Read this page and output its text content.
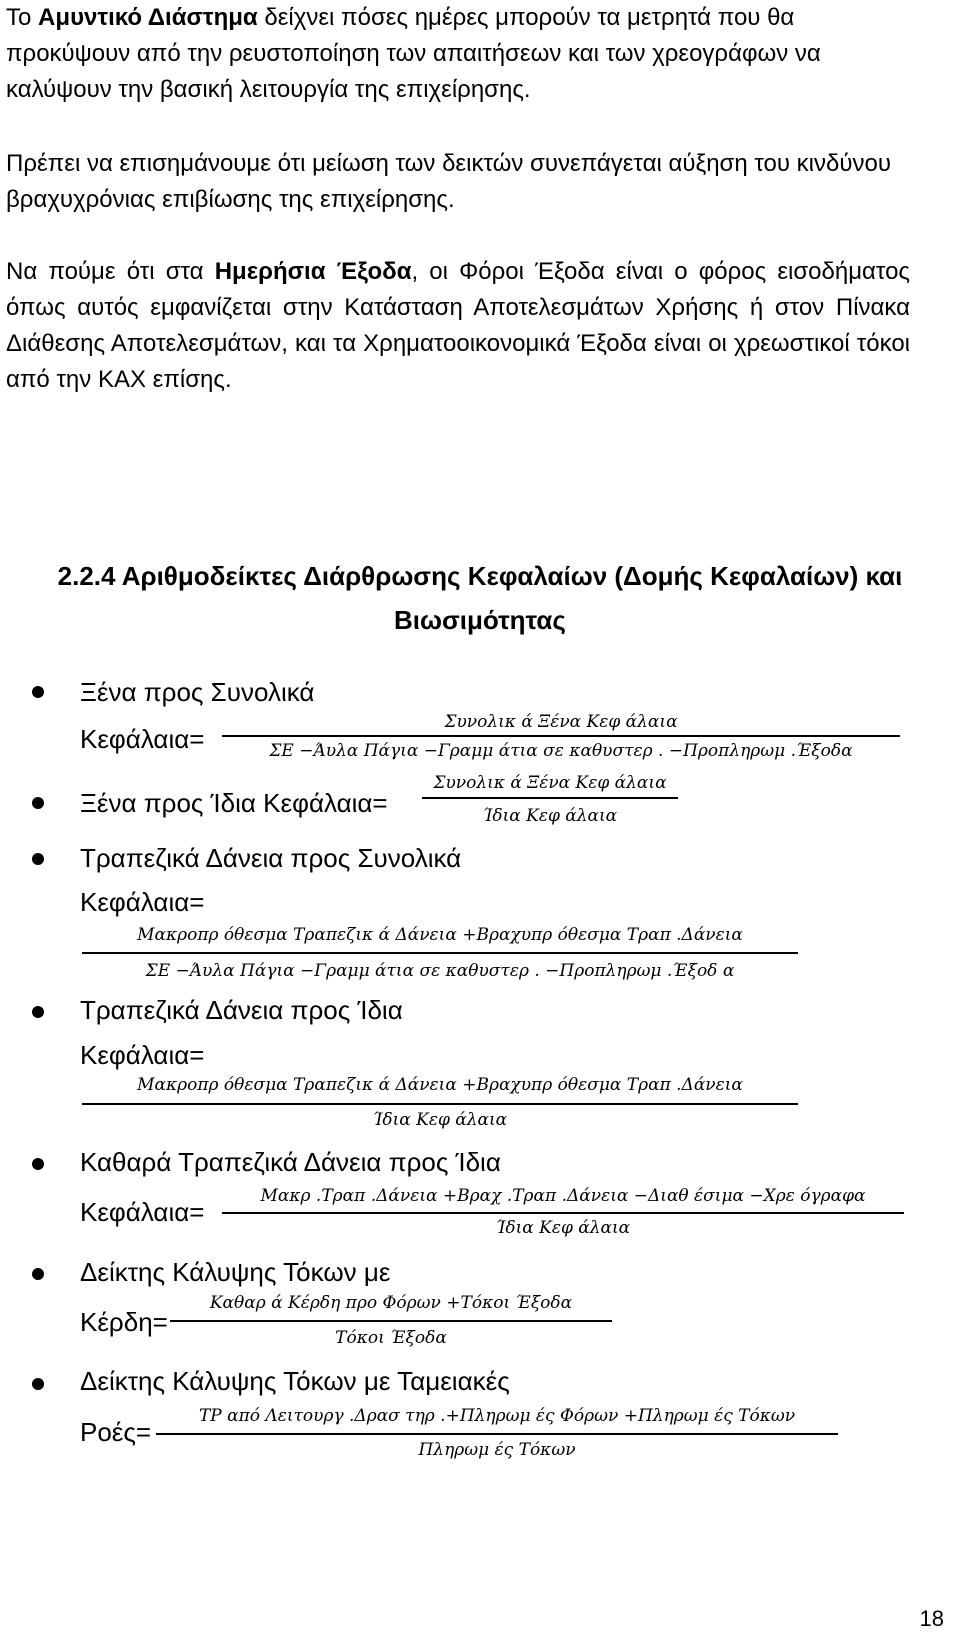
Το Αμυντικό Διάστημα δείχνει πόσες ημέρες μπορούν τα μετρητά που θα προκύψουν από την ρευστοποίηση των απαιτήσεων και των χρεογράφων να καλύψουν την βασική λειτουργία της επιχείρησης.

Πρέπει να επισημάνουμε ότι μείωση των δεικτών συνεπάγεται αύξηση του κινδύνου βραχυχρόνιας επιβίωσης της επιχείρησης.

Να πούμε ότι στα Ημερήσια Έξοδα, οι Φόροι Έξοδα είναι ο φόρος εισοδήματος όπως αυτός εμφανίζεται στην Κατάσταση Αποτελεσμάτων Χρήσης ή στον Πίνακα Διάθεσης Αποτελεσμάτων, και τα Χρηματοοικονομικά Έξοδα είναι οι χρεωστικοί τόκοι από την ΚΑΧ επίσης.

2.2.4 Αριθμοδείκτες Διάρθρωσης Κεφαλαίων (Δομής Κεφαλαίων) και

Βιωσιμότητας

Ξένα προς Συνολικά
Κεφάλαια=
Συνολικ ά Ξένα Κεφ άλαια
ΣΕ −Άυλα Πάγια −Γραμμ άτια σε καθυστερ . −Προπληρωμ .Έξοδα
Ξένα προς Ίδια Κεφάλαια=
Συνολικ ά Ξένα Κεφ άλαια
Ίδια Κεφ άλαια
Τραπεζικά Δάνεια προς Συνολικά
Κεφάλαια=
Μακροπρ όθεσμα Τραπεζικ ά Δάνεια +Βραχυπρ όθεσμα Τραπ .Δάνεια
ΣΕ −Άυλα Πάγια −Γραμμ άτια σε καθυστερ . −Προπληρωμ .Έξοδ α
Τραπεζικά Δάνεια προς Ίδια
Κεφάλαια=
Μακροπρ όθεσμα Τραπεζικ ά Δάνεια +Βραχυπρ όθεσμα Τραπ .Δάνεια
Ίδια Κεφ άλαια
Καθαρά Τραπεζικά Δάνεια προς Ίδια
Κεφάλαια=
Μακρ .Τραπ .Δάνεια +Βραχ .Τραπ .Δάνεια −Διαθ έσιμα −Χρε όγραφα
Ίδια Κεφ άλαια
Δείκτης Κάλυψης Τόκων με
Κέρδη=
Καθαρ ά Κέρδη προ Φόρων +Τόκοι Έξοδα
Τόκοι Έξοδα
Δείκτης Κάλυψης Τόκων με Ταμειακές
Ροές=
ΤΡ από Λειτουργ .Δρασ τηρ .+Πληρωμ ές Φόρων +Πληρωμ ές Τόκων
Πληρωμ ές Τόκων
18
